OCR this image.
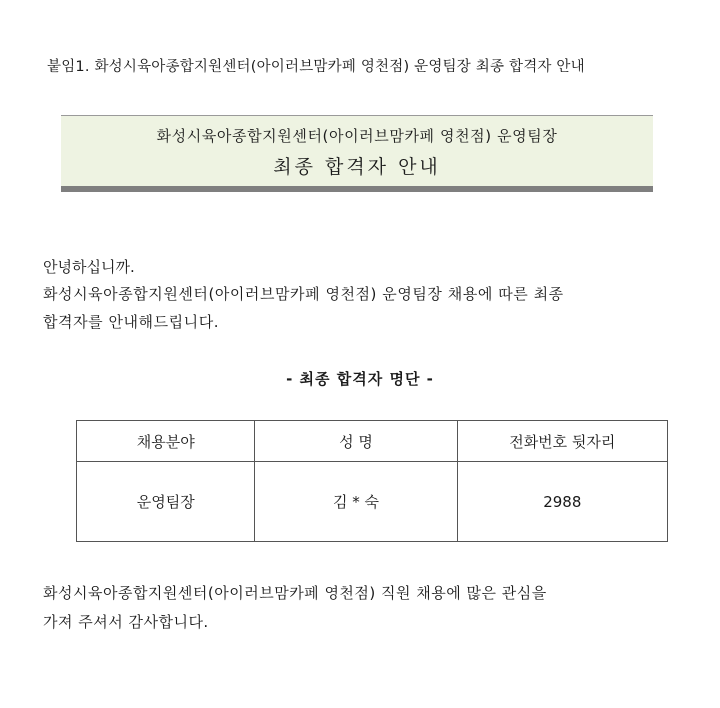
붙임1. 화성시육아종합지원센터(아이러브맘카페 영천점) 운영팀장 최종 합격자 안내
화성시육아종합지원센터(아이러브맘카페 영천점) 운영팀장
최종 합격자 안내
안녕하십니까.
화성시육아종합지원센터(아이러브맘카페 영천점) 운영팀장 채용에 따른 최종
합격자를 안내해드립니다.
- 최종 합격자 명단 -
채용분야	성 명	전화번호 뒷자리
운영팀장	김 * 숙	2988
화성시육아종합지원센터(아이러브맘카페 영천점) 직원 채용에 많은 관심을
가져 주셔서 감사합니다.
